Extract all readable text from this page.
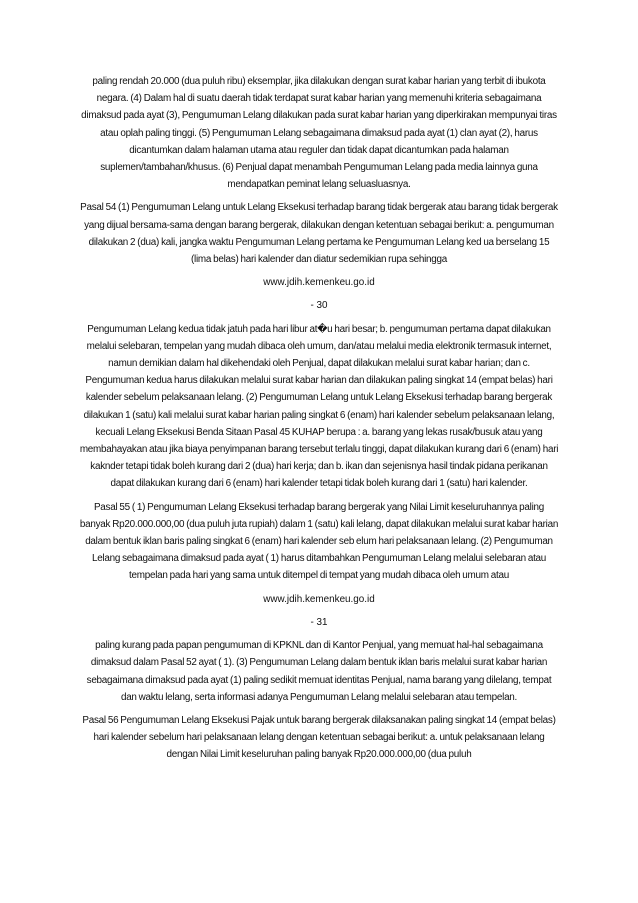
paling rendah 20.000 (dua puluh ribu) eksemplar, jika dilakukan dengan surat kabar harian yang terbit di ibukota negara. (4) Dalam hal di suatu daerah tidak terdapat surat kabar harian yang memenuhi kriteria sebagaimana dimaksud pada ayat (3), Pengumuman Lelang dilakukan pada surat kabar harian yang diperkirakan mempunyai tiras atau oplah paling tinggi. (5) Pengumuman Lelang sebagaimana dimaksud pada ayat (1) clan ayat (2), harus dicantumkan dalam halaman utama atau reguler dan tidak dapat dicantumkan pada halaman suplemen/tambahan/khusus. (6) Penjual dapat menambah Pengumuman Lelang pada media lainnya guna mendapatkan peminat lelang seluasluasnya.

Pasal 54 (1) Pengumuman Lelang untuk Lelang Eksekusi terhadap barang tidak bergerak atau barang tidak bergerak yang dijual bersama-sama dengan barang bergerak, dilakukan dengan ketentuan sebagai berikut: a. pengumuman dilakukan 2 (dua) kali, jangka waktu Pengumuman Lelang pertama ke Pengumuman Lelang ked ua berselang 15 (lima belas) hari kalender dan diatur sedemikian rupa sehingga

www.jdih.kemenkeu.go.id

- 30

Pengumuman Lelang kedua tidak jatuh pada hari libur at�u hari besar; b. pengumuman pertama dapat dilakukan melalui selebaran, tempelan yang mudah dibaca oleh umum, dan/atau melalui media elektronik termasuk internet, namun demikian dalam hal dikehendaki oleh Penjual, dapat dilakukan melalui surat kabar harian; dan c. Pengumuman kedua harus dilakukan melalui surat kabar harian dan dilakukan paling singkat 14 (empat belas) hari kalender sebelum pelaksanaan lelang. (2) Pengumuman Lelang untuk Lelang Eksekusi terhadap barang bergerak dilakukan 1 (satu) kali melalui surat kabar harian paling singkat 6 (enam) hari kalender sebelum pelaksanaan lelang, kecuali Lelang Eksekusi Benda Sitaan Pasal 45 KUHAP berupa : a. barang yang lekas rusak/busuk atau yang membahayakan atau jika biaya penyimpanan barang tersebut terlalu tinggi, dapat dilakukan kurang dari 6 (enam) hari kaknder tetapi tidak boleh kurang dari 2 (dua) hari kerja; dan b. ikan dan sejenisnya hasil tindak pidana perikanan dapat dilakukan kurang dari 6 (enam) hari kalender tetapi tidak boleh kurang dari 1 (satu) hari kalender.

Pasal 55 ( 1) Pengumuman Lelang Eksekusi terhadap barang bergerak yang Nilai Limit keseluruhannya paling banyak Rp20.000.000,00 (dua puluh juta rupiah) dalam 1 (satu) kali lelang, dapat dilakukan melalui surat kabar harian dalam bentuk iklan baris paling singkat 6 (enam) hari kalender seb elum hari pelaksanaan lelang. (2) Pengumuman Lelang sebagaimana dimaksud pada ayat ( 1) harus ditambahkan Pengumuman Lelang melalui selebaran atau tempelan pada hari yang sama untuk ditempel di tempat yang mudah dibaca oleh umum atau

www.jdih.kemenkeu.go.id

- 31

paling kurang pada papan pengumuman di KPKNL dan di Kantor Penjual, yang memuat hal-hal sebagaimana dimaksud dalam Pasal 52 ayat ( 1). (3) Pengumuman Lelang dalam bentuk iklan baris melalui surat kabar harian sebagaimana dimaksud pada ayat (1) paling sedikit memuat identitas Penjual, nama barang yang dilelang, tempat dan waktu lelang, serta informasi adanya Pengumuman Lelang melalui selebaran atau tempelan.

Pasal 56 Pengumuman Lelang Eksekusi Pajak untuk barang bergerak dilaksanakan paling singkat 14 (empat belas) hari kalender sebelum hari pelaksanaan lelang dengan ketentuan sebagai berikut: a. untuk pelaksanaan lelang dengan Nilai Limit keseluruhan paling banyak Rp20.000.000,00 (dua puluh
